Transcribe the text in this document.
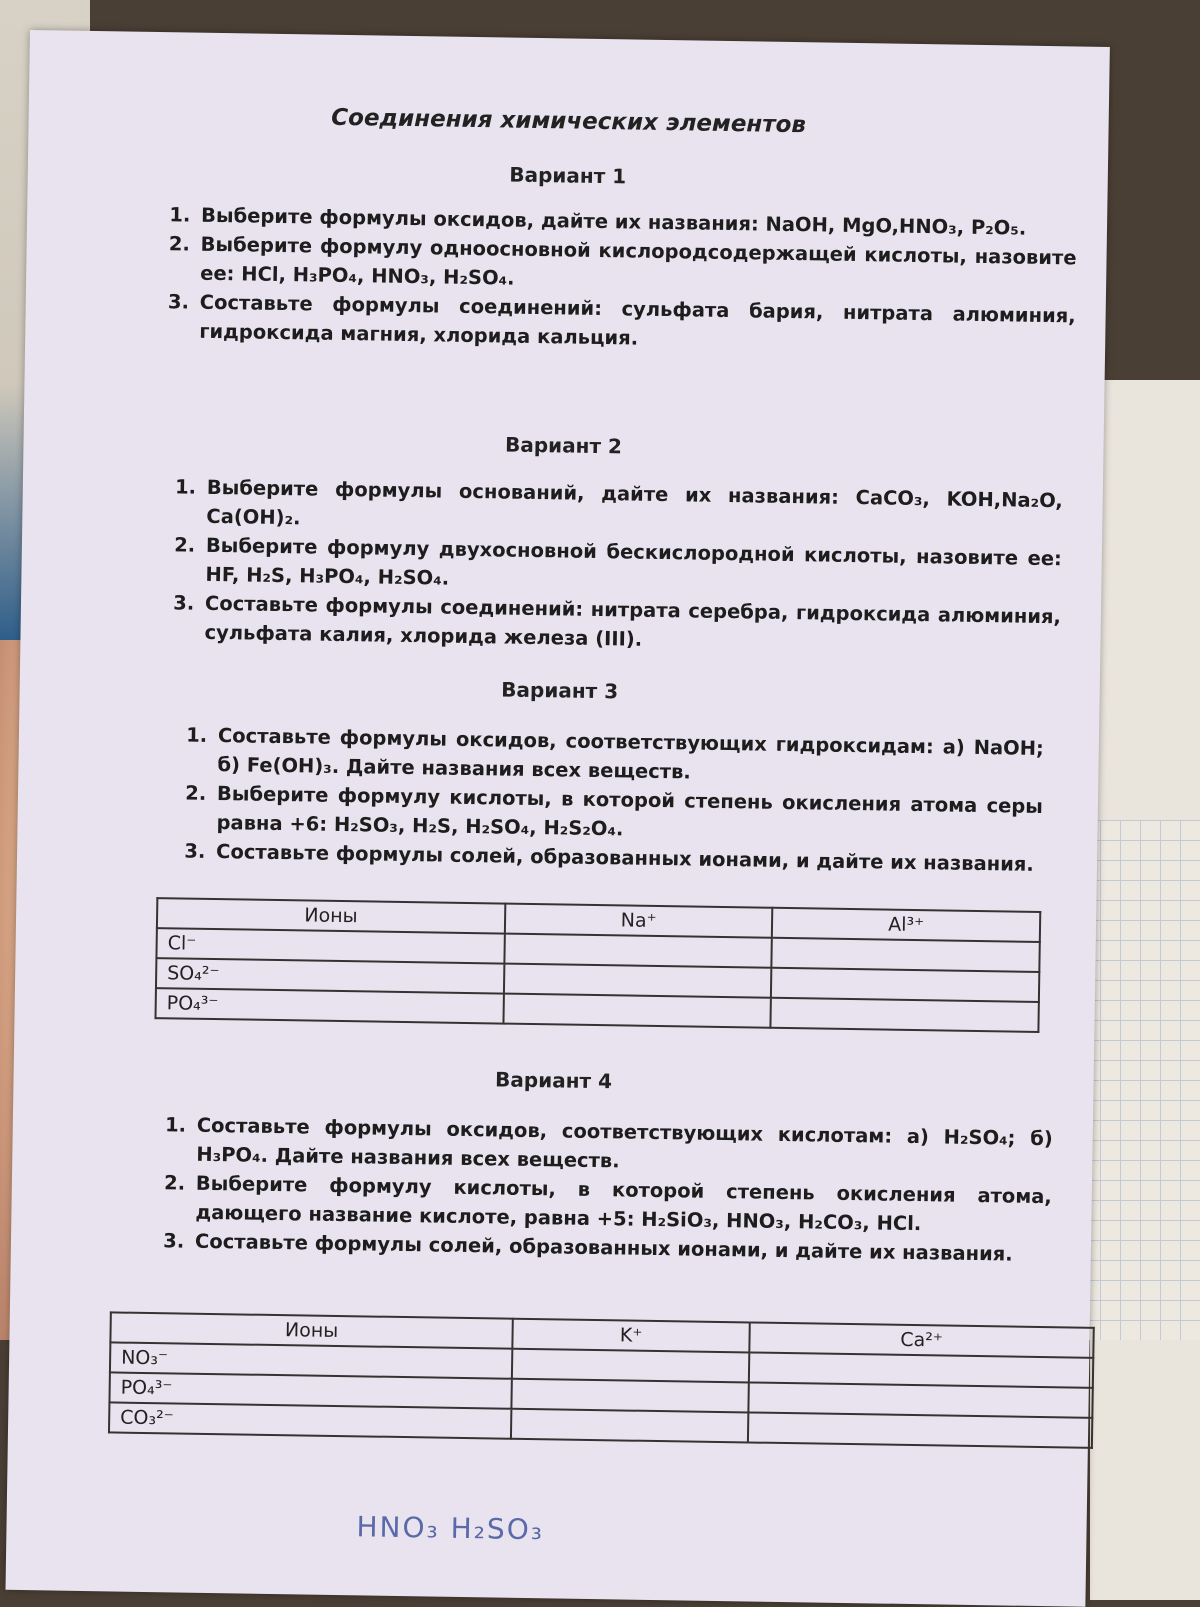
Соединения химических элементов
Вариант 1
1. Выберите формулы оксидов, дайте их названия: NaOH, MgO,HNO₃, P₂O₅.
2. Выберите формулу одноосновной кислородсодержащей кислоты, назовите ее: HCl, H₃PO₄, HNO₃, H₂SO₄.
3. Составьте формулы соединений: сульфата бария, нитрата алюминия, гидроксида магния, хлорида кальция.
Вариант 2
1. Выберите формулы оснований, дайте их названия: CaCO₃, KOH,Na₂O, Ca(OH)₂.
2. Выберите формулу двухосновной бескислородной кислоты, назовите ее: HF, H₂S, H₃PO₄, H₂SO₄.
3. Составьте формулы соединений: нитрата серебра, гидроксида алюминия, сульфата калия, хлорида железа (III).
Вариант 3
1. Составьте формулы оксидов, соответствующих гидроксидам: а) NaOH; б) Fe(OH)₃. Дайте названия всех веществ.
2. Выберите формулу кислоты, в которой степень окисления атома серы равна +6: H₂SO₃, H₂S, H₂SO₄, H₂S₂O₄.
3. Составьте формулы солей, образованных ионами, и дайте их названия.
Ионы	Na⁺	Al³⁺
Cl⁻		
SO₄²⁻		
PO₄³⁻		
Вариант 4
1. Составьте формулы оксидов, соответствующих кислотам: а) H₂SO₄; б) H₃PO₄. Дайте названия всех веществ.
2. Выберите формулу кислоты, в которой степень окисления атома, дающего название кислоте, равна +5: H₂SiO₃, HNO₃, H₂CO₃, HCl.
3. Составьте формулы солей, образованных ионами, и дайте их названия.
Ионы	K⁺	Ca²⁺
NO₃⁻		
PO₄³⁻		
CO₃²⁻		
HNO₃ H₂SO₃
